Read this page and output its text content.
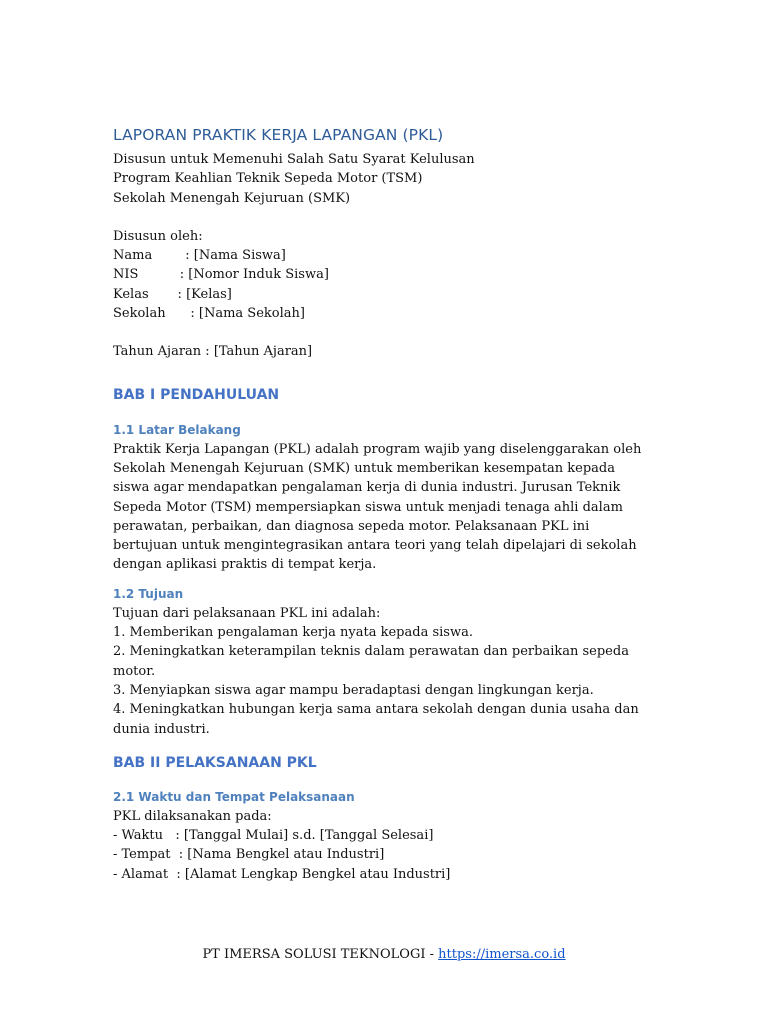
LAPORAN PRAKTIK KERJA LAPANGAN (PKL)

Disusun untuk Memenuhi Salah Satu Syarat Kelulusan

Program Keahlian Teknik Sepeda Motor (TSM)

Sekolah Menengah Kejuruan (SMK)

Disusun oleh:

Nama        : [Nama Siswa]

NIS          : [Nomor Induk Siswa]

Kelas       : [Kelas]

Sekolah      : [Nama Sekolah]

Tahun Ajaran : [Tahun Ajaran]

BAB I PENDAHULUAN
1.1 Latar Belakang

Praktik Kerja Lapangan (PKL) adalah program wajib yang diselenggarakan oleh Sekolah Menengah Kejuruan (SMK) untuk memberikan kesempatan kepada siswa agar mendapatkan pengalaman kerja di dunia industri. Jurusan Teknik Sepeda Motor (TSM) mempersiapkan siswa untuk menjadi tenaga ahli dalam perawatan, perbaikan, dan diagnosa sepeda motor. Pelaksanaan PKL ini bertujuan untuk mengintegrasikan antara teori yang telah dipelajari di sekolah dengan aplikasi praktis di tempat kerja.

1.2 Tujuan

Tujuan dari pelaksanaan PKL ini adalah:

1. Memberikan pengalaman kerja nyata kepada siswa.

2. Meningkatkan keterampilan teknis dalam perawatan dan perbaikan sepeda motor.

3. Menyiapkan siswa agar mampu beradaptasi dengan lingkungan kerja.

4. Meningkatkan hubungan kerja sama antara sekolah dengan dunia usaha dan dunia industri.

BAB II PELAKSANAAN PKL
2.1 Waktu dan Tempat Pelaksanaan

PKL dilaksanakan pada:

- Waktu   : [Tanggal Mulai] s.d. [Tanggal Selesai]

- Tempat  : [Nama Bengkel atau Industri]

- Alamat  : [Alamat Lengkap Bengkel atau Industri]

PT IMERSA SOLUSI TEKNOLOGI - https://imersa.co.id
